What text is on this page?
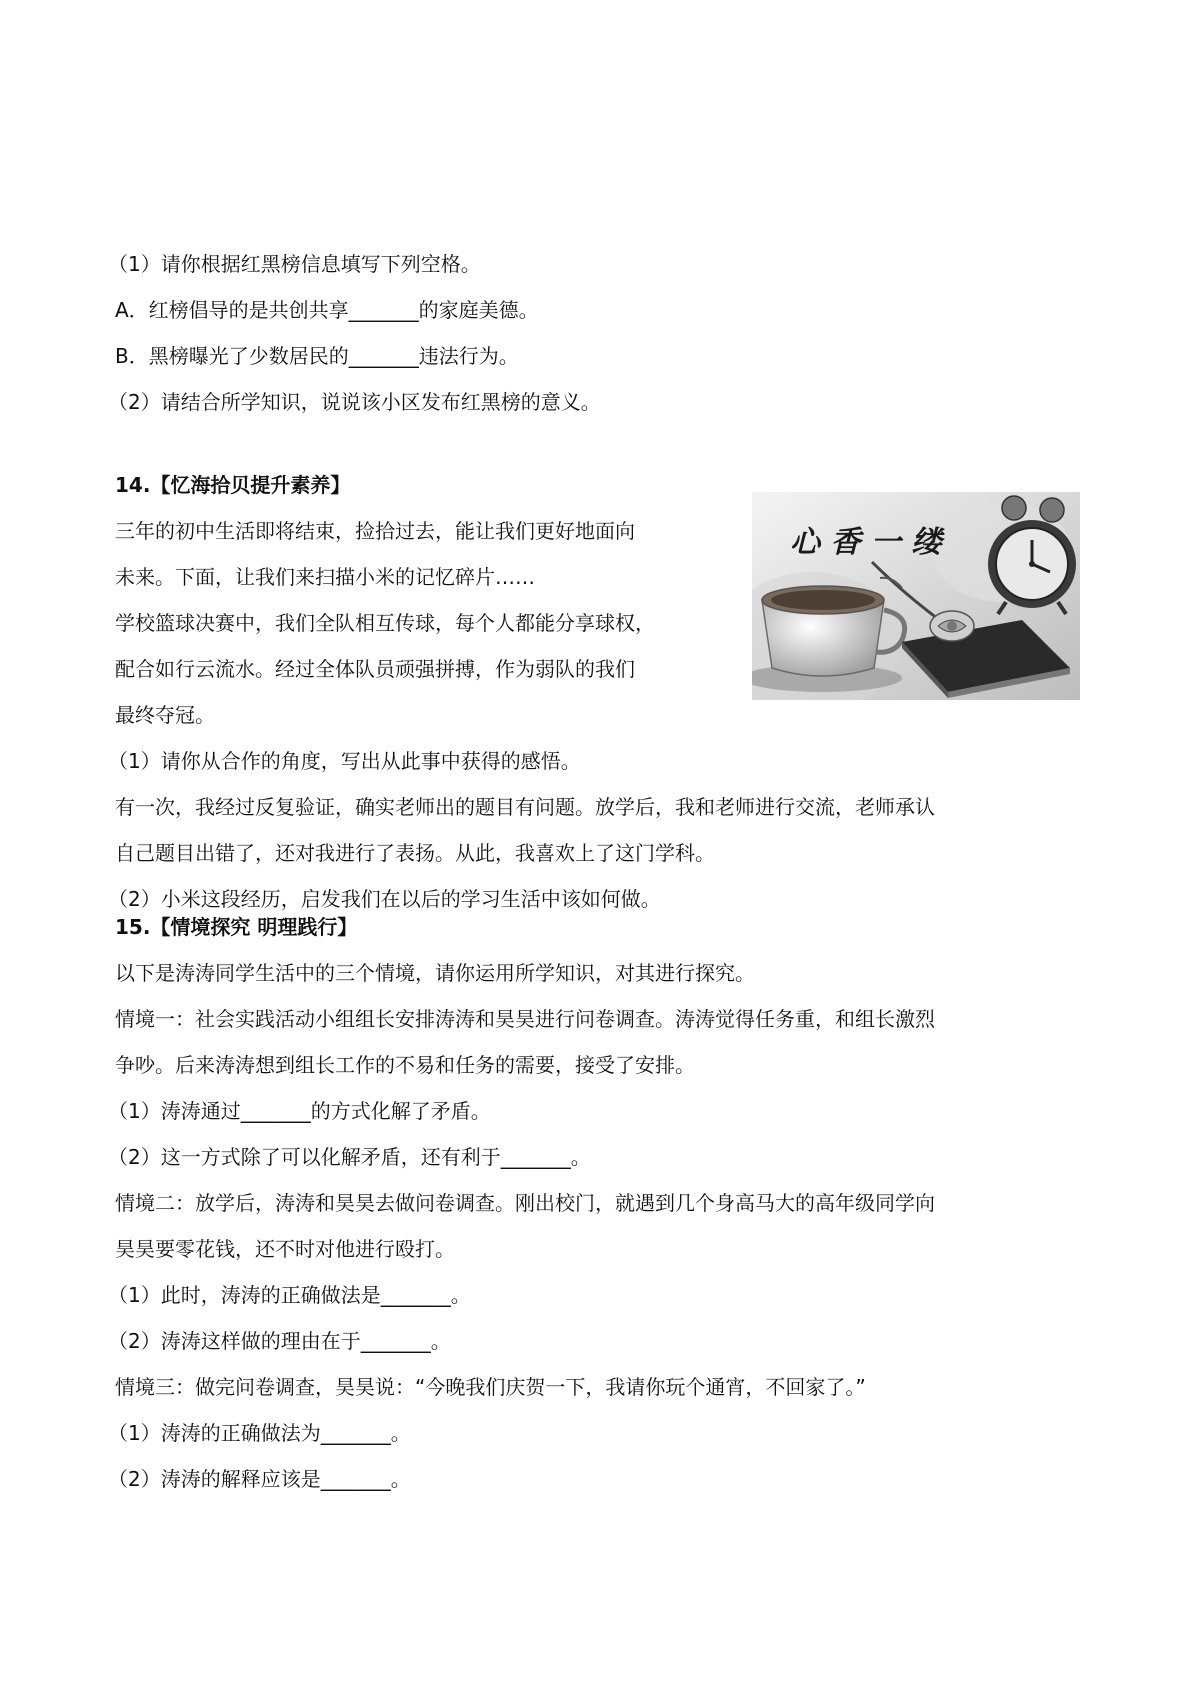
（1）请你根据红黑榜信息填写下列空格。
A．红榜倡导的是共创共享_______的家庭美德。
B．黑榜曝光了少数居民的_______违法行为。
（2）请结合所学知识，说说该小区发布红黑榜的意义。
14.【忆海拾贝提升素养】
三年的初中生活即将结束，捡拾过去，能让我们更好地面向
未来。下面，让我们来扫描小米的记忆碎片……
学校篮球决赛中，我们全队相互传球，每个人都能分享球权，
配合如行云流水。经过全体队员顽强拼搏，作为弱队的我们
最终夺冠。
（1）请你从合作的角度，写出从此事中获得的感悟。
有一次，我经过反复验证，确实老师出的题目有问题。放学后，我和老师进行交流，老师承认
自己题目出错了，还对我进行了表扬。从此，我喜欢上了这门学科。
（2）小米这段经历，启发我们在以后的学习生活中该如何做。
心 香 一 缕
15.【情境探究 明理践行】
以下是涛涛同学生活中的三个情境，请你运用所学知识，对其进行探究。
情境一：社会实践活动小组组长安排涛涛和昊昊进行问卷调查。涛涛觉得任务重，和组长激烈
争吵。后来涛涛想到组长工作的不易和任务的需要，接受了安排。
（1）涛涛通过_______的方式化解了矛盾。
（2）这一方式除了可以化解矛盾，还有利于_______。
情境二：放学后，涛涛和昊昊去做问卷调查。刚出校门，就遇到几个身高马大的高年级同学向
昊昊要零花钱，还不时对他进行殴打。
（1）此时，涛涛的正确做法是_______。
（2）涛涛这样做的理由在于_______。
情境三：做完问卷调查，昊昊说：“今晚我们庆贺一下，我请你玩个通宵，不回家了。”
（1）涛涛的正确做法为_______。
（2）涛涛的解释应该是_______。
